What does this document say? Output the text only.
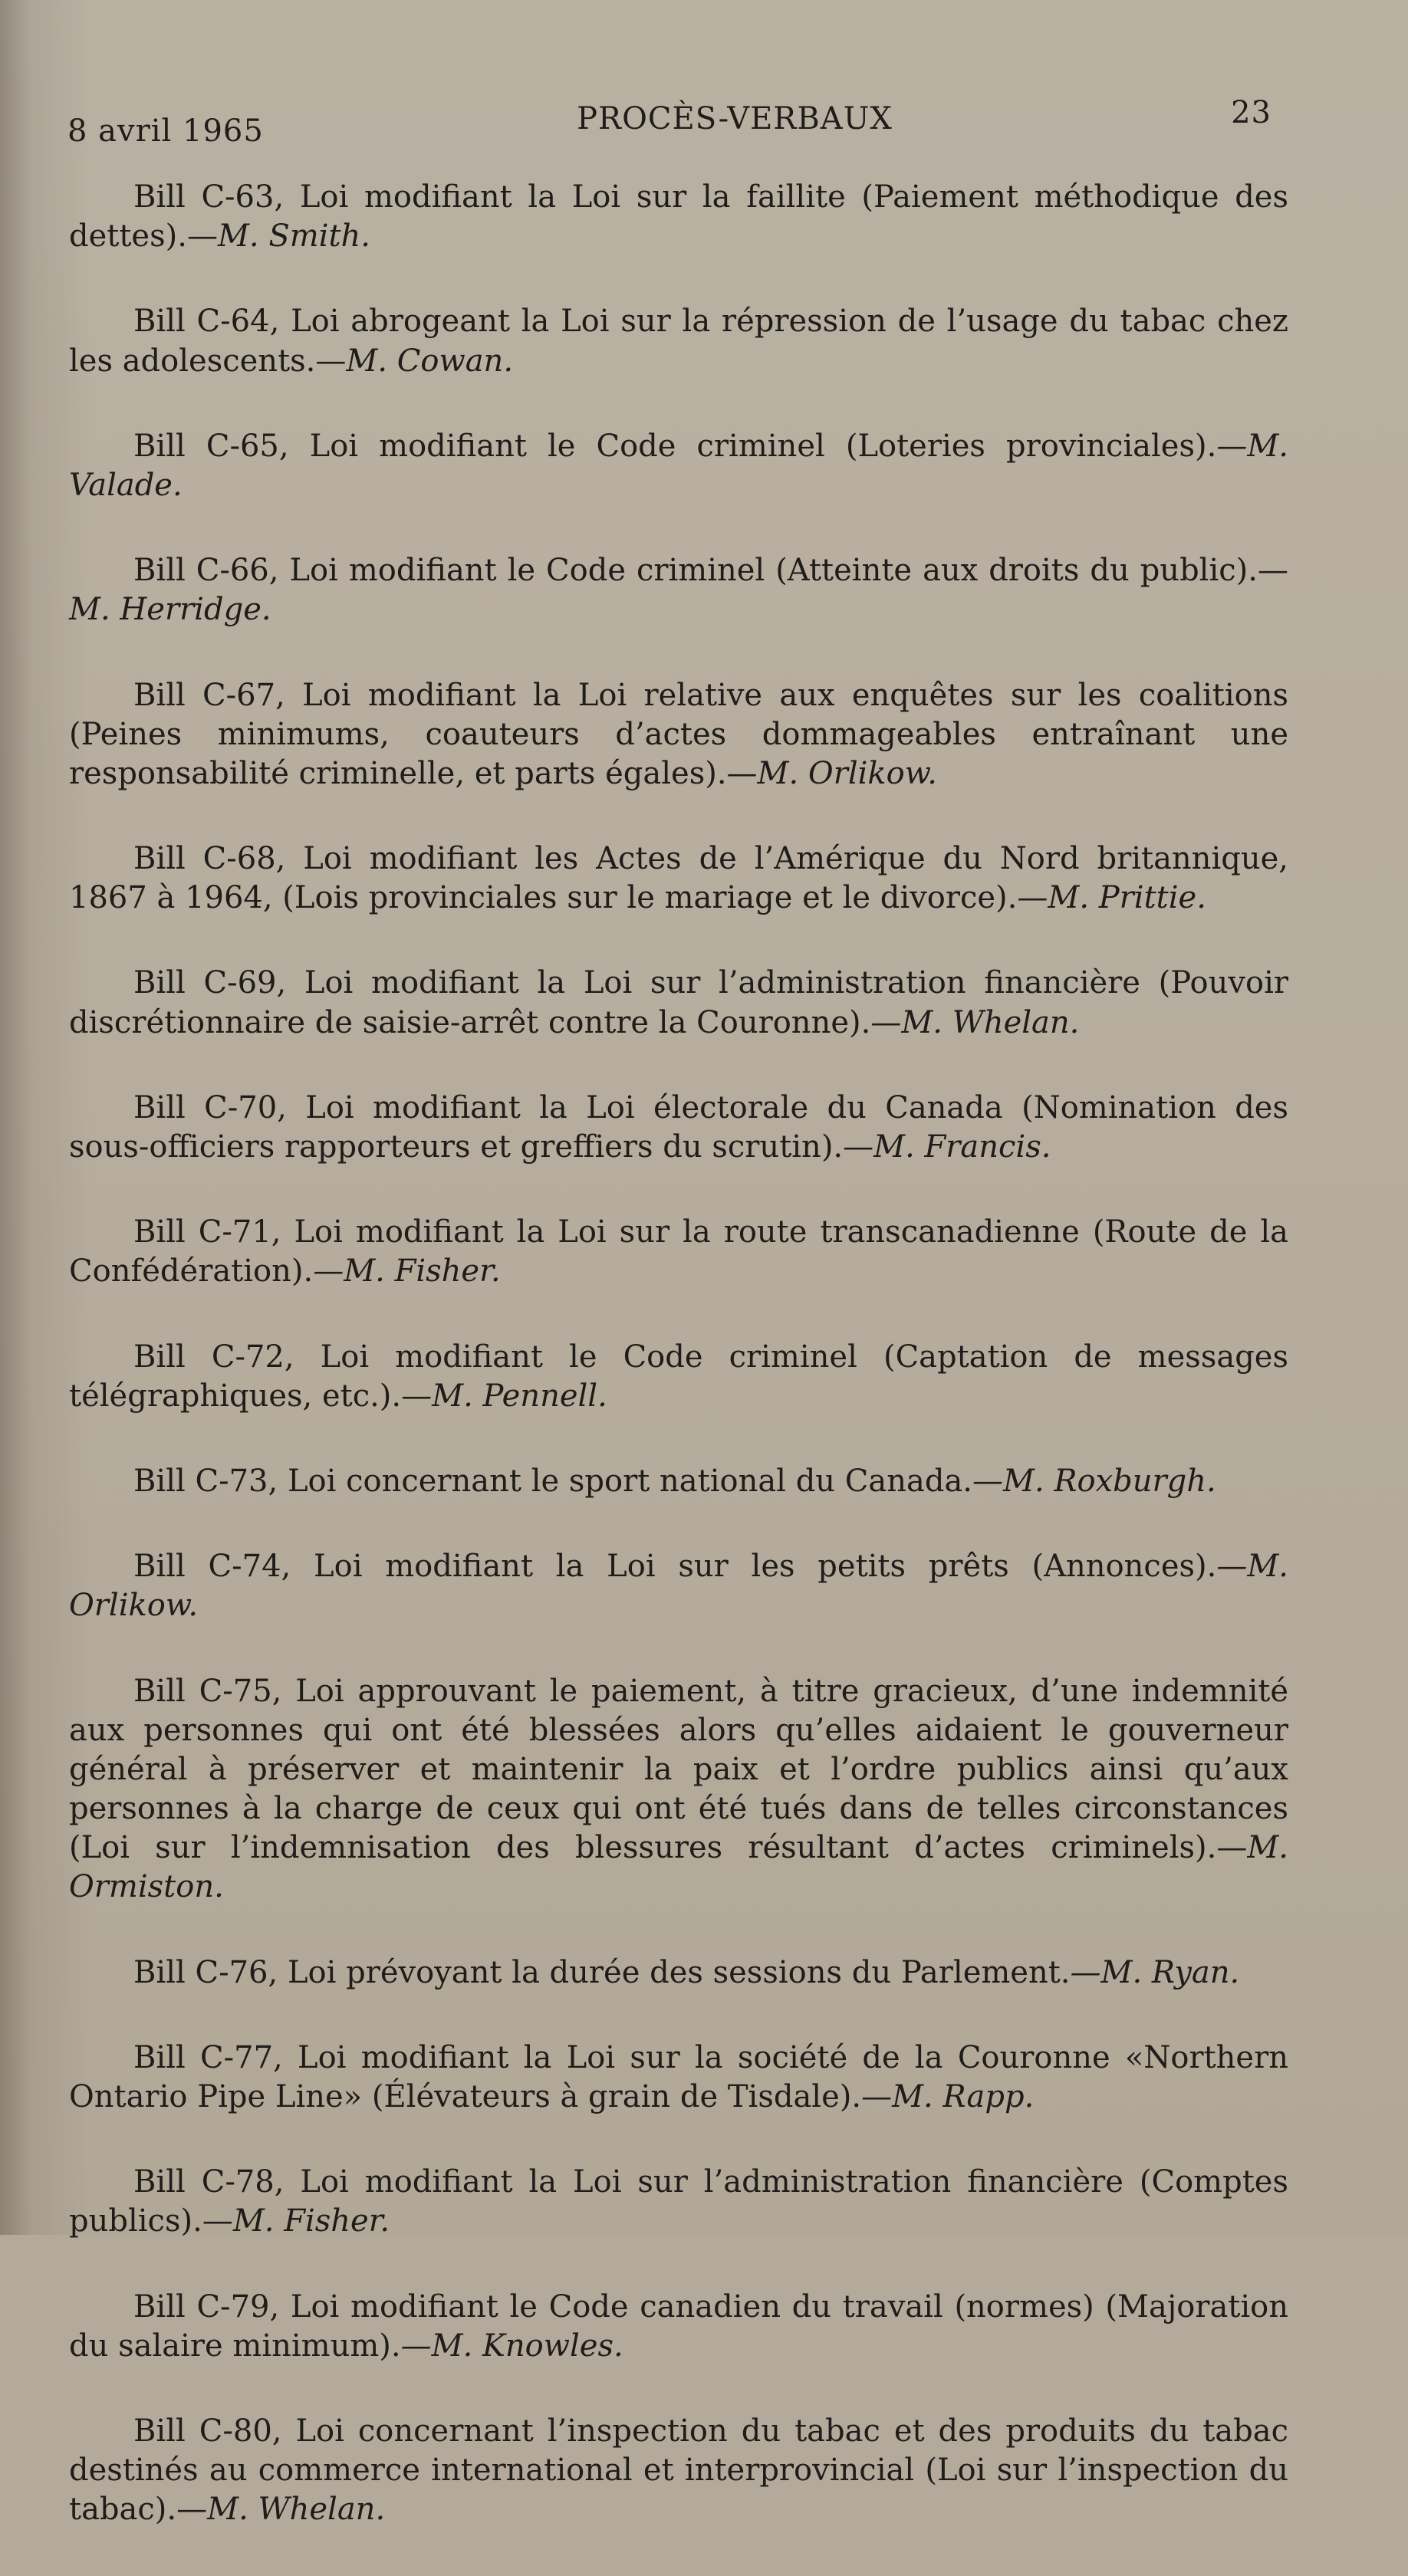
8 avril 1965	PROCÈS-VERBAUX	23

Bill C-63, Loi modifiant la Loi sur la faillite (Paiement méthodique des dettes).—M. Smith.

Bill C-64, Loi abrogeant la Loi sur la répression de l’usage du tabac chez les adolescents.—M. Cowan.

Bill C-65, Loi modifiant le Code criminel (Loteries provinciales).—M. Valade.

Bill C-66, Loi modifiant le Code criminel (Atteinte aux droits du public).—M. Herridge.

Bill C-67, Loi modifiant la Loi relative aux enquêtes sur les coalitions (Peines minimums, coauteurs d’actes dommageables entraînant une responsabilité criminelle, et parts égales).—M. Orlikow.

Bill C-68, Loi modifiant les Actes de l’Amérique du Nord britannique, 1867 à 1964, (Lois provinciales sur le mariage et le divorce).—M. Prittie.

Bill C-69, Loi modifiant la Loi sur l’administration financière (Pouvoir discrétionnaire de saisie-arrêt contre la Couronne).—M. Whelan.

Bill C-70, Loi modifiant la Loi électorale du Canada (Nomination des sous-officiers rapporteurs et greffiers du scrutin).—M. Francis.

Bill C-71, Loi modifiant la Loi sur la route transcanadienne (Route de la Confédération).—M. Fisher.

Bill C-72, Loi modifiant le Code criminel (Captation de messages télégraphiques, etc.).—M. Pennell.

Bill C-73, Loi concernant le sport national du Canada.—M. Roxburgh.

Bill C-74, Loi modifiant la Loi sur les petits prêts (Annonces).—M. Orlikow.

Bill C-75, Loi approuvant le paiement, à titre gracieux, d’une indemnité aux personnes qui ont été blessées alors qu’elles aidaient le gouverneur général à préserver et maintenir la paix et l’ordre publics ainsi qu’aux personnes à la charge de ceux qui ont été tués dans de telles circonstances (Loi sur l’indemnisation des blessures résultant d’actes criminels).—M. Ormiston.

Bill C-76, Loi prévoyant la durée des sessions du Parlement.—M. Ryan.

Bill C-77, Loi modifiant la Loi sur la société de la Couronne «Northern Ontario Pipe Line» (Élévateurs à grain de Tisdale).—M. Rapp.

Bill C-78, Loi modifiant la Loi sur l’administration financière (Comptes publics).—M. Fisher.

Bill C-79, Loi modifiant le Code canadien du travail (normes) (Majoration du salaire minimum).—M. Knowles.

Bill C-80, Loi concernant l’inspection du tabac et des produits du tabac destinés au commerce international et interprovincial (Loi sur l’inspection du tabac).—M. Whelan.
